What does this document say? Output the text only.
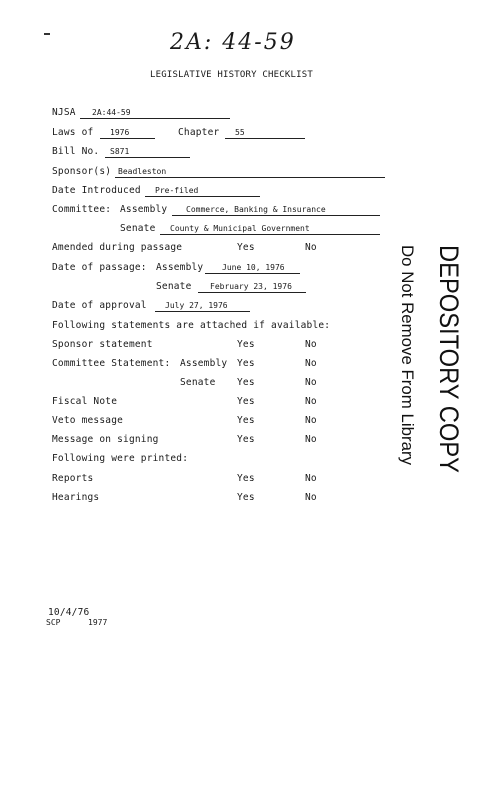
2A: 44-59
LEGISLATIVE HISTORY CHECKLIST
NJSA 2A:44-59
Laws of 1976	Chapter 55
Bill No. S871
Sponsor(s) Beadleston
Date Introduced Pre-filed
Committee: Assembly Commerce, Banking & Insurance
Senate County & Municipal Government
Amended during passage	Yes	No
Date of passage: Assembly June 10, 1976
Senate February 23, 1976
Date of approval July 27, 1976
Following statements are attached if available:
Sponsor statement	Yes	No
Committee Statement: Assembly Yes	No
Senate Yes	No
Fiscal Note	Yes	No
Veto message	Yes	No
Message on signing	Yes	No
Following were printed:
Reports	Yes	No
Hearings	Yes	No
10/4/76
SCP	1977
DEPOSITORY COPY
Do Not Remove From Library
